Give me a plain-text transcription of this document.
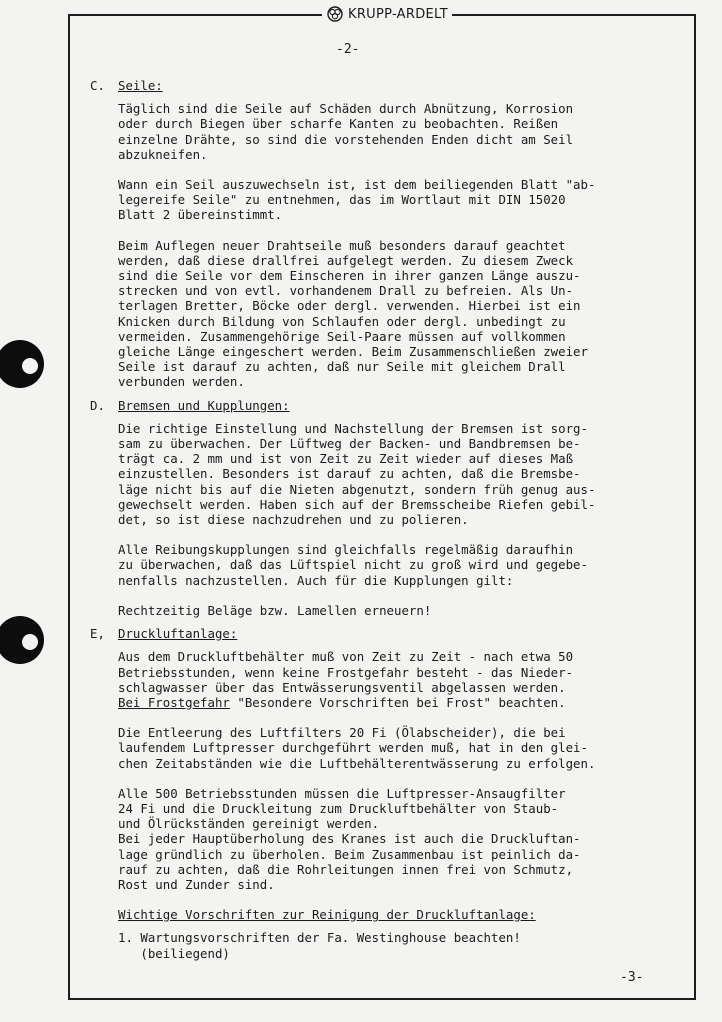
KRUPP-ARDELT
-2-
C.	Seile:

Täglich sind die Seile auf Schäden durch Abnützung, Korrosion
oder durch Biegen über scharfe Kanten zu beobachten. Reißen
einzelne Drähte, so sind die vorstehenden Enden dicht am Seil
abzukneifen.

Wann ein Seil auszuwechseln ist, ist dem beiliegenden Blatt "ab-
legereife Seile" zu entnehmen, das im Wortlaut mit DIN 15020
Blatt 2 übereinstimmt.

Beim Auflegen neuer Drahtseile muß besonders darauf geachtet
werden, daß diese drallfrei aufgelegt werden. Zu diesem Zweck
sind die Seile vor dem Einscheren in ihrer ganzen Länge auszu-
strecken und von evtl. vorhandenem Drall zu befreien. Als Un-
terlagen Bretter, Böcke oder dergl. verwenden. Hierbei ist ein
Knicken durch Bildung von Schlaufen oder dergl. unbedingt zu
vermeiden. Zusammengehörige Seil-Paare müssen auf vollkommen
gleiche Länge eingeschert werden. Beim Zusammenschließen zweier
Seile ist darauf zu achten, daß nur Seile mit gleichem Drall
verbunden werden.

D.	Bremsen und Kupplungen:

Die richtige Einstellung und Nachstellung der Bremsen ist sorg-
sam zu überwachen. Der Lüftweg der Backen- und Bandbremsen be-
trägt ca. 2 mm und ist von Zeit zu Zeit wieder auf dieses Maß
einzustellen. Besonders ist darauf zu achten, daß die Bremsbe-
läge nicht bis auf die Nieten abgenutzt, sondern früh genug aus-
gewechselt werden. Haben sich auf der Bremsscheibe Riefen gebil-
det, so ist diese nachzudrehen und zu polieren.

Alle Reibungskupplungen sind gleichfalls regelmäßig daraufhin
zu überwachen, daß das Lüftspiel nicht zu groß wird und gegebe-
nenfalls nachzustellen. Auch für die Kupplungen gilt:

Rechtzeitig Beläge bzw. Lamellen erneuern!

E,	Druckluftanlage:

Aus dem Druckluftbehälter muß von Zeit zu Zeit - nach etwa 50
Betriebsstunden, wenn keine Frostgefahr besteht - das Nieder-
schlagwasser über das Entwässerungsventil abgelassen werden.

Bei Frostgefahr "Besondere Vorschriften bei Frost" beachten.

Die Entleerung des Luftfilters 20 Fi (Ölabscheider), die bei
laufendem Luftpresser durchgeführt werden muß, hat in den glei-
chen Zeitabständen wie die Luftbehälterentwässerung zu erfolgen.

Alle 500 Betriebsstunden müssen die Luftpresser-Ansaugfilter
24 Fi und die Druckleitung zum Druckluftbehälter von Staub-
und Ölrückständen gereinigt werden.
Bei jeder Hauptüberholung des Kranes ist auch die Druckluftan-
lage gründlich zu überholen. Beim Zusammenbau ist peinlich da-
rauf zu achten, daß die Rohrleitungen innen frei von Schmutz,
Rost und Zunder sind.

Wichtige Vorschriften zur Reinigung der Druckluftanlage:

1. Wartungsvorschriften der Fa. Westinghouse beachten!
(beiliegend)

-3-
